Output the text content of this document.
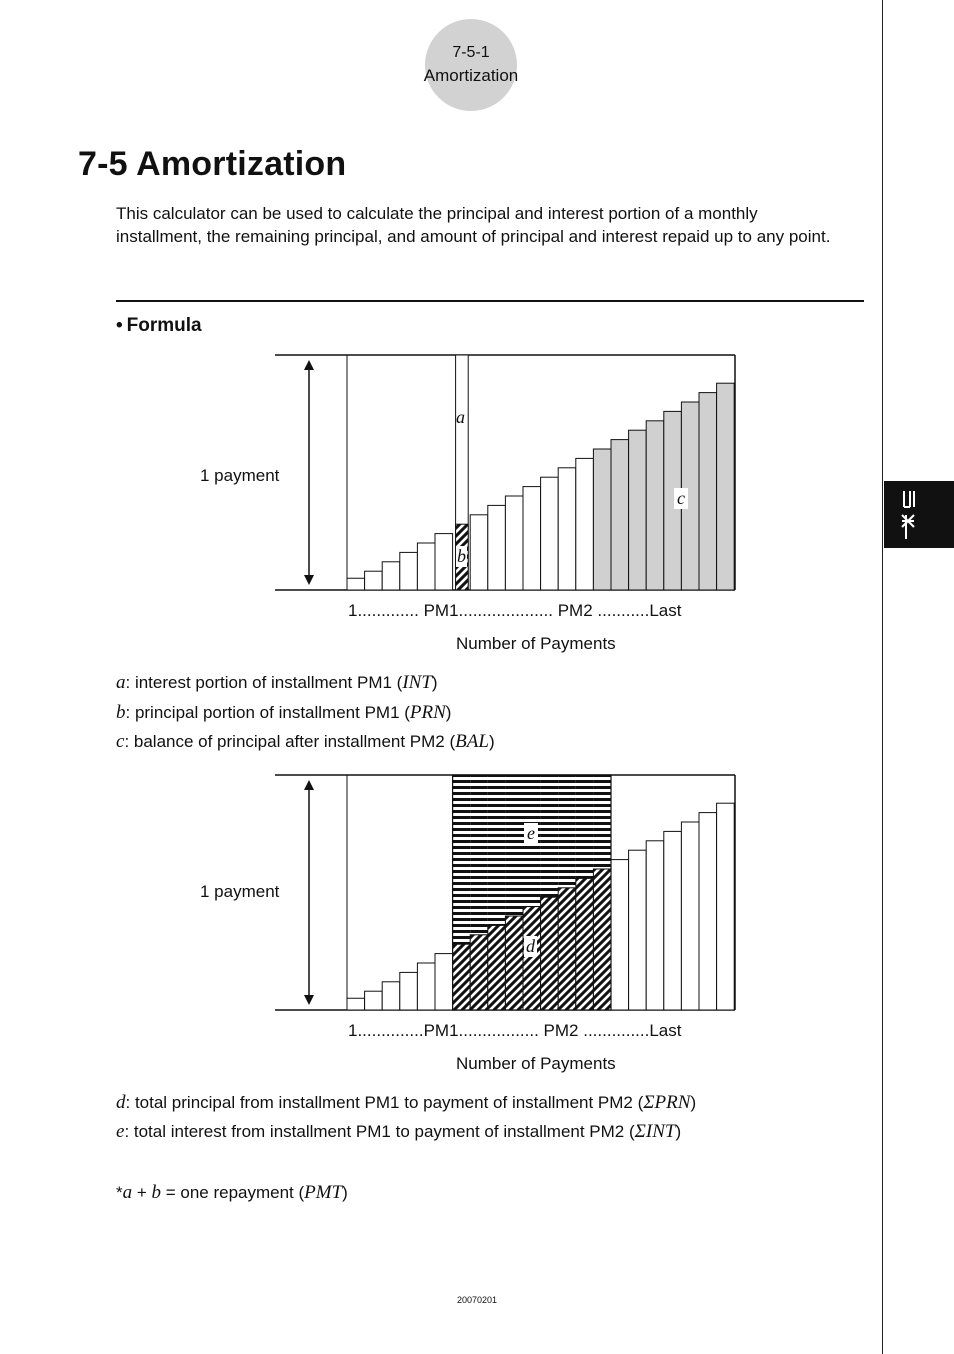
7-5-1
Amortization
7-5 Amortization

This calculator can be used to calculate the principal and interest portion of a monthly installment, the remaining principal, and amount of principal and interest repaid up to any point.

• Formula
1 payment
1............. PM1.................... PM2 ...........Last
Number of Payments
a
b
c
a: interest portion of installment PM1 (INT)
b: principal portion of installment PM1 (PRN)
c: balance of principal after installment PM2 (BAL)
1 payment
1..............PM1................. PM2 ..............Last
Number of Payments
e
d
d: total principal from installment PM1 to payment of installment PM2 (ΣPRN)
e: total interest from installment PM1 to payment of installment PM2 (ΣINT)
*a + b = one repayment (PMT)
20070201
